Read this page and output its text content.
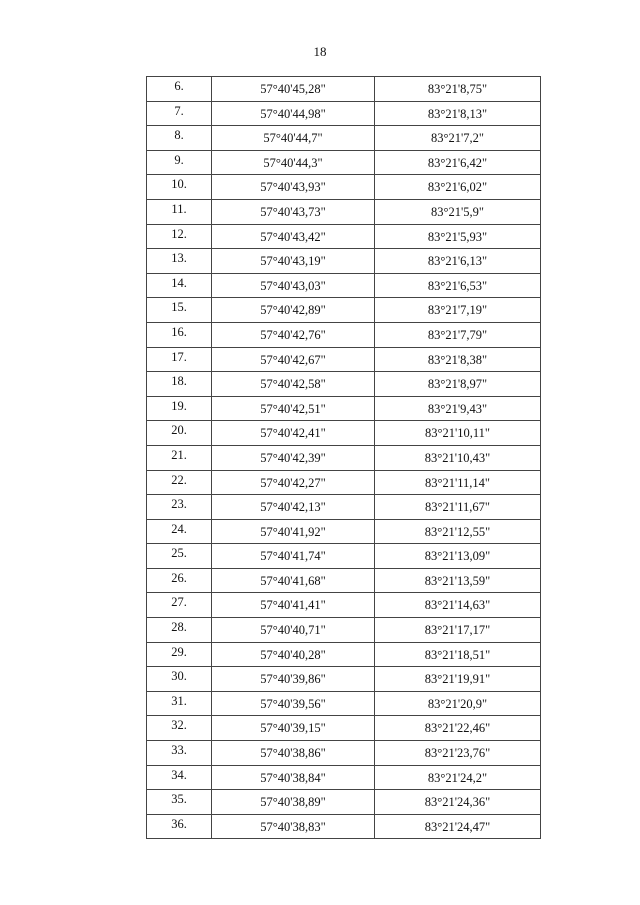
18
6.	57°40'45,28"	83°21'8,75"

7.	57°40'44,98"	83°21'8,13"

8.	57°40'44,7"	83°21'7,2"

9.	57°40'44,3"	83°21'6,42"

10.	57°40'43,93"	83°21'6,02"

11.	57°40'43,73"	83°21'5,9"

12.	57°40'43,42"	83°21'5,93"

13.	57°40'43,19"	83°21'6,13"

14.	57°40'43,03"	83°21'6,53"

15.	57°40'42,89"	83°21'7,19"

16.	57°40'42,76"	83°21'7,79"

17.	57°40'42,67"	83°21'8,38"

18.	57°40'42,58"	83°21'8,97"

19.	57°40'42,51"	83°21'9,43"

20.	57°40'42,41"	83°21'10,11"

21.	57°40'42,39"	83°21'10,43"

22.	57°40'42,27"	83°21'11,14"

23.	57°40'42,13"	83°21'11,67"

24.	57°40'41,92"	83°21'12,55"

25.	57°40'41,74"	83°21'13,09"

26.	57°40'41,68"	83°21'13,59"

27.	57°40'41,41"	83°21'14,63"

28.	57°40'40,71"	83°21'17,17"

29.	57°40'40,28"	83°21'18,51"

30.	57°40'39,86"	83°21'19,91"

31.	57°40'39,56"	83°21'20,9"

32.	57°40'39,15"	83°21'22,46"

33.	57°40'38,86"	83°21'23,76"

34.	57°40'38,84"	83°21'24,2"

35.	57°40'38,89"	83°21'24,36"

36.	57°40'38,83"	83°21'24,47"
